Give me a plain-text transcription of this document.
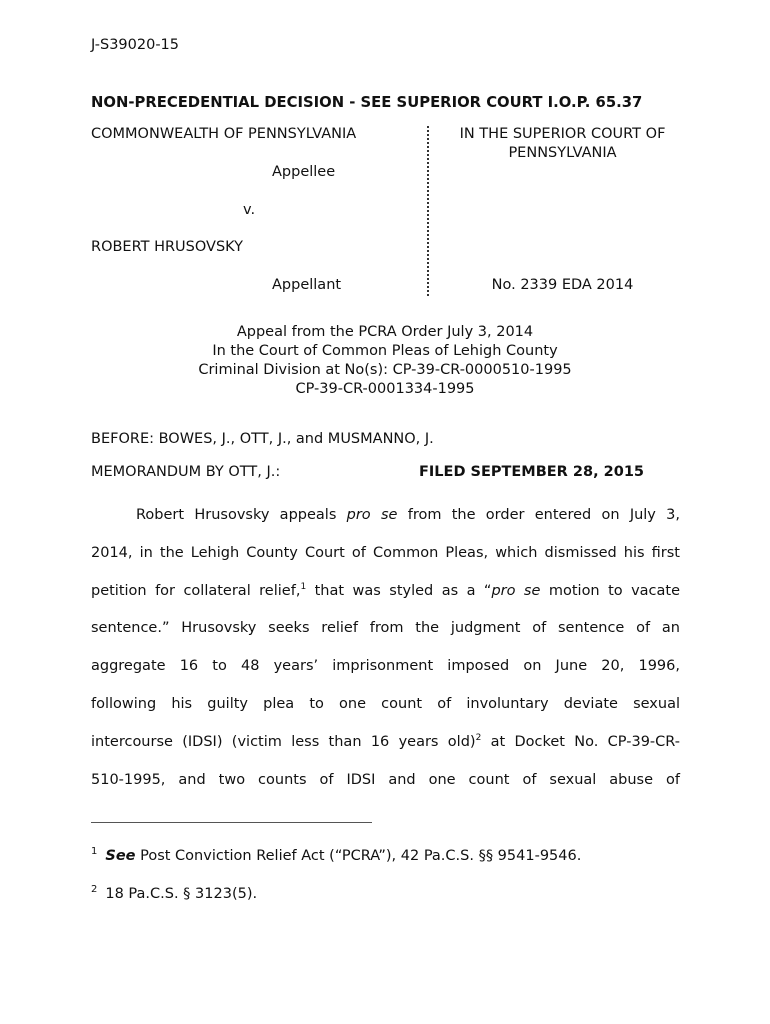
J-S39020-15
NON-PRECEDENTIAL DECISION - SEE SUPERIOR COURT I.O.P. 65.37
COMMONWEALTH OF PENNSYLVANIA
Appellee
v.
ROBERT HRUSOVSKY
Appellant
IN THE SUPERIOR COURT OF
PENNSYLVANIA
No. 2339 EDA 2014
Appeal from the PCRA Order July 3, 2014
In the Court of Common Pleas of Lehigh County
Criminal Division at No(s): CP-39-CR-0000510-1995
CP-39-CR-0001334-1995
BEFORE: BOWES, J., OTT, J., and MUSMANNO, J.
MEMORANDUM BY OTT, J.:	FILED SEPTEMBER 28, 2015
Robert Hrusovsky appeals pro se from the order entered on July 3,
2014, in the Lehigh County Court of Common Pleas, which dismissed his first
petition for collateral relief,$^1$ that was styled as a “pro se motion to vacate
sentence.” Hrusovsky seeks relief from the judgment of sentence of an
aggregate 16 to 48 years’ imprisonment imposed on June 20, 1996,
following his guilty plea to one count of involuntary deviate sexual
intercourse (IDSI) (victim less than 16 years old)$^2$ at Docket No. CP-39-CR-
510-1995, and two counts of IDSI and one count of sexual abuse of
$^1$ See Post Conviction Relief Act (“PCRA”), 42 Pa.C.S. §§ 9541-9546.
$^2$ 18 Pa.C.S. § 3123(5).
